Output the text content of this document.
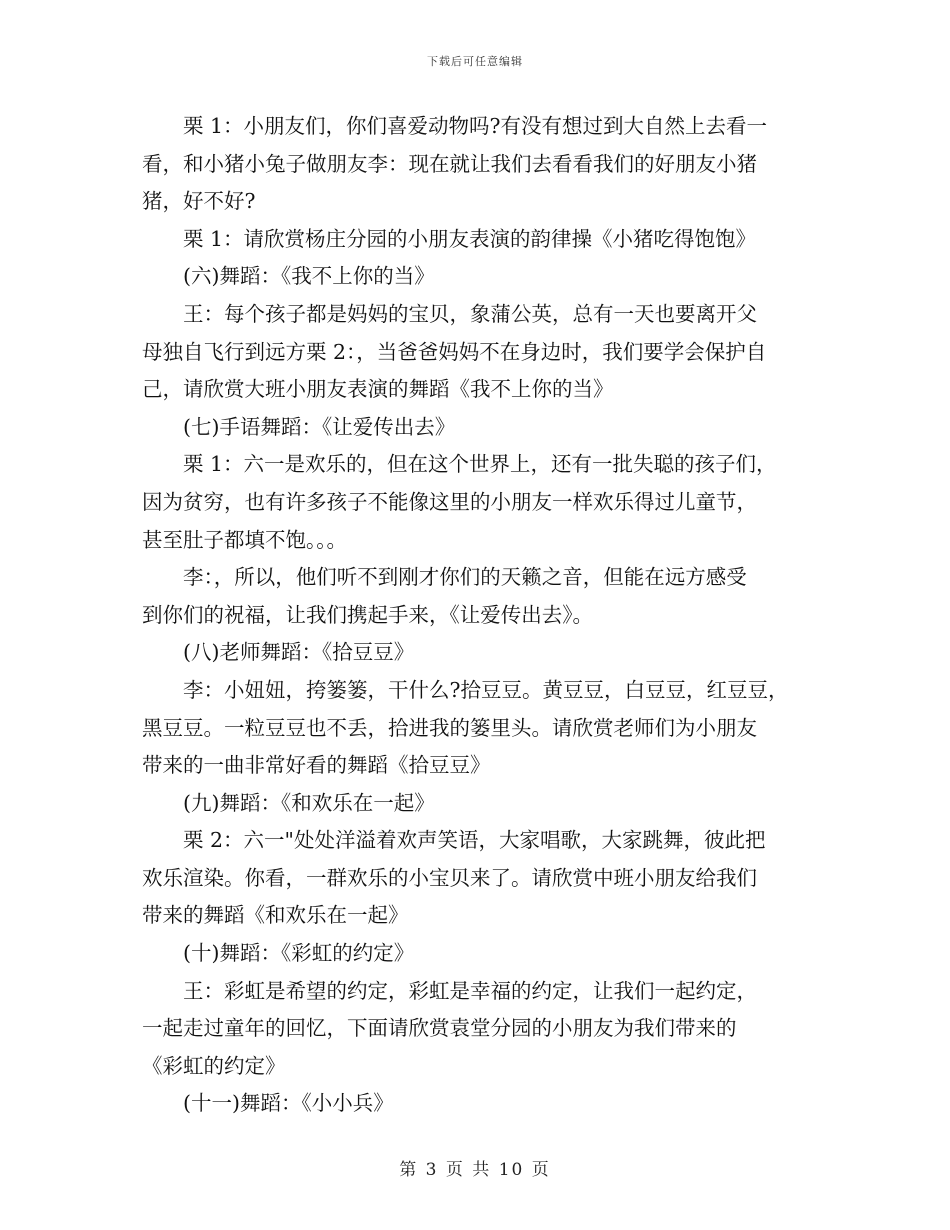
下载后可任意编辑

栗 1：小朋友们，你们喜爱动物吗?有没有想过到大自然上去看一
看，和小猪小兔子做朋友李：现在就让我们去看看我们的好朋友小猪
猪，好不好?

栗 1：请欣赏杨庄分园的小朋友表演的韵律操《小猪吃得饱饱》

(六)舞蹈：《我不上你的当》

王：每个孩子都是妈妈的宝贝，象蒲公英，总有一天也要离开父
母独自飞行到远方栗 2：，当爸爸妈妈不在身边时，我们要学会保护自
己，请欣赏大班小朋友表演的舞蹈《我不上你的当》

(七)手语舞蹈：《让爱传出去》

栗 1：六一是欢乐的，但在这个世界上，还有一批失聪的孩子们，
因为贫穷，也有许多孩子不能像这里的小朋友一样欢乐得过儿童节，
甚至肚子都填不饱。。。

李：，所以，他们听不到刚才你们的天籁之音，但能在远方感受
到你们的祝福，让我们携起手来，《让爱传出去》。

(八)老师舞蹈：《拾豆豆》

李：小妞妞，挎篓篓，干什么?拾豆豆。黄豆豆，白豆豆，红豆豆，
黑豆豆。一粒豆豆也不丢，拾进我的篓里头。请欣赏老师们为小朋友
带来的一曲非常好看的舞蹈《拾豆豆》

(九)舞蹈：《和欢乐在一起》

栗 2：六一"处处洋溢着欢声笑语，大家唱歌，大家跳舞，彼此把
欢乐渲染。你看，一群欢乐的小宝贝来了。请欣赏中班小朋友给我们
带来的舞蹈《和欢乐在一起》

(十)舞蹈：《彩虹的约定》

王：彩虹是希望的约定，彩虹是幸福的约定，让我们一起约定，
一起走过童年的回忆，下面请欣赏袁堂分园的小朋友为我们带来的
《彩虹的约定》

(十一)舞蹈：《小小兵》

第 3 页 共 10 页
